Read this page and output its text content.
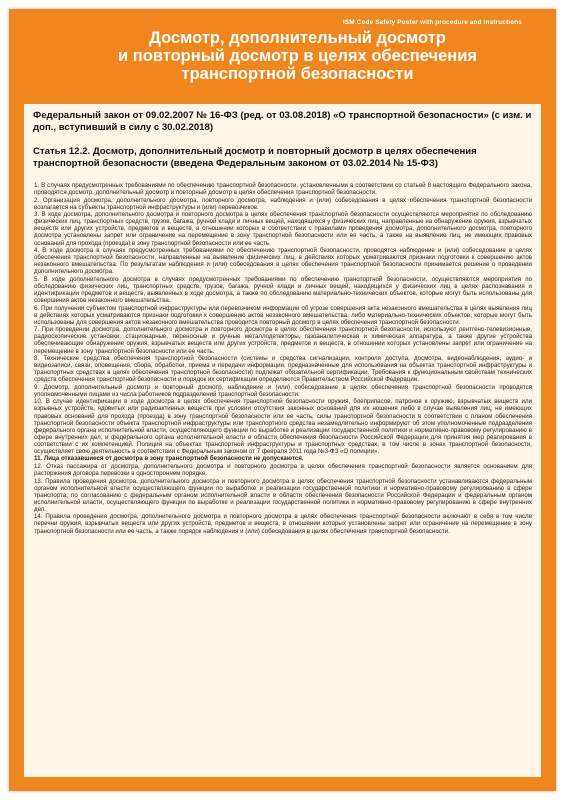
ISM Code Safety Poster with procedure and instructions
Досмотр, дополнительный досмотр
и повторный досмотр в целях обеспечения
транспортной безопасности
Федеральный закон от 09.02.2007 № 16-ФЗ (ред. от 03.08.2018) «О транспортной безопасности» (с изм. и доп., вступивший в силу с 30.02.2018)
Статья 12.2. Досмотр, дополнительный досмотр и повторный досмотр в целях обеспечения транспортной безопасности (введена Федеральным законом от 03.02.2014 № 15-ФЗ)

1. В случаях предусмотренных требованиями по обеспечению транспортной безопасности, установленными в соответствии со статьей 8 настоящего Федерального закона, проводятся досмотр, дополнительный досмотр и повторный досмотр в целях обеспечения транспортной безопасности.

2. Организация досмотра, дополнительного досмотра, повторного досмотра, наблюдения и (или) собеседования в целях обеспечения транспортной безопасности возлагается на субъекты транспортной инфраструктуры и (или) перевозчиков.

3. В ходе досмотра, дополнительного досмотра и повторного досмотра в целях обеспечения транспортной безопасности осуществляются мероприятия по обследованию физических лиц, транспортных средств, грузов, багажа, ручной клади и личных вещей, находящихся у физических лиц, направленные на обнаружение оружия, взрывчатых веществ или других устройств, предметов и веществ, в отношении которых в соответствии с правилами проведения досмотра, дополнительного досмотра, повторного досмотра установлены запрет или ограничение на перемещение в зону транспортной безопасности или ее часть, а также на выявление лиц, не имеющих правовых оснований для прохода (проезда) в зону транспортной безопасности или ее часть.

4. В ходе досмотра в случаях предусмотренных требованиями по обеспечению транспортной безопасности, проводятся наблюдение и (или) собеседование в целях обеспечения транспортной безопасности, направленные на выявление физических лиц, в действиях которых усматриваются признаки подготовки к совершению актов незаконного вмешательства. По результатам наблюдения и (или) собеседования в целях обеспечения транспортной безопасности принимается решение о проведении дополнительного досмотра.

5. В ходе дополнительного досмотра в случаях предусмотренных требованиями по обеспечению транспортной безопасности, осуществляются мероприятия по обследованию физических лиц, транспортных средств, грузов, багажа, ручной клади и личных вещей, находящихся у физических лиц в целях распознавания и идентификации предметов и веществ, выявленных в ходе досмотра, а также по обследованию материально-технических объектов, которые могут быть использованы для совершения актов незаконного вмешательства.

6. При получении субъектом транспортной инфраструктуры или перевозчиком информации об угрозе совершения акта незаконного вмешательства в целях выявления лиц в действиях которых усматриваются признаки подготовки к совершению актов незаконного вмешательства, либо материально-технических объектов, которые могут быть использованы для совершения актов незаконного вмешательства проводится повторный досмотр в целях обеспечения транспортной безопасности.

7. При проведении досмотра, дополнительного досмотра и повторного досмотра в целях обеспечения транспортной безопасности, используют рентгено-телевизионные, радиоскопические установки, стационарные, переносные и ручные металлодетекторы, газоаналитическая и химическая аппаратура, а также другие устройства обеспечивающие обнаружение оружия, взрывчатых веществ или других устройств, предметов и веществ, в отношении которых установлены запрет или ограничение на перемещение в зону транспортной безопасности или ее часть.

8. Технические средства обеспечения транспортной безопасности (системы и средства сигнализации, контроля доступа, досмотра, видеонаблюдения, аудио- и видеозаписи, связи, оповещения, сбора, обработки, приема и передачи информации, предназначенные для использования на объектах транспортной инфраструктуры и транспортных средствах в целях обеспечения транспортной безопасности) подлежат обязательной сертификации. Требования к функциональным свойствам технических средств обеспечения транспортной безопасности и порядок их сертификации определяются Правительством Российской Федерации.

9. Досмотр, дополнительный досмотр и повторный досмотр, наблюдение и (или) собеседование в целях обеспечения транспортной безопасности проводятся уполномоченными лицами из числа работников подразделений транспортной безопасности.

10. В случае идентификации в ходе досмотра в целях обеспечения транспортной безопасности оружия, боеприпасов, патронов к оружию, взрывчатых веществ или взрывных устройств, ядовитых или радиоактивных веществ при условии отсутствия законных оснований для их ношения либо в случае выявления лиц, не имеющих правовых оснований для прохода (проезда) в зону транспортной безопасности или ее часть, силы транспортной безопасности в соответствии с планом обеспечения транспортной безопасности объекта транспортной инфраструктуры или транспортного средства незамедлительно информируют об этом уполномоченные подразделения федерального органа исполнительной власти, осуществляющего функции по выработке и реализации государственной политики и нормативно-правовому регулированию в сфере внутренних дел, и федерального органа исполнительной власти в области обеспечения безопасности Российской Федерации для принятия мер реагирования в соответствии с их компетенцией. Полиция на объектах транспортной инфраструктуры и транспортных средствах, в том числе в зонах транспортной безопасности, осуществляет свою деятельность в соответствии с Федеральным законом от 7 февраля 2011 года №3-ФЗ «О полиции».

11. Лица отказавшиеся от досмотра в зону транспортной безопасности не допускаются.

12. Отказ пассажира от досмотра, дополнительного досмотра и повторного досмотра в целях обеспечения транспортной безопасности является основанием для расторжения договора перевозки в одностороннем порядке.

13. Правила проведения досмотра, дополнительного досмотра и повторного досмотра в целях обеспечения транспортной безопасности устанавливаются федеральным органом исполнительной власти осуществляющего функции по выработке и реализации государственной политики и нормативно-правовому регулированию в сфере транспорта, по согласованию с федеральным органом исполнительной власти в области обеспечения безопасности Российской Федерации и федеральным органом исполнительной власти, осуществляющего функции по выработке и реализации государственной политики и нормативно-правовому регулированию в сфере внутренних дел.

14. Правила проведения досмотра, дополнительного досмотра и повторного досмотра в целях обеспечения транспортной безопасности включают в себя в том числе перечни оружия, взрывчатых веществ или других устройств, предметов и веществ, в отношении которых установлены запрет или ограничение на перемещение в зону транспортной безопасности или ее часть, а также порядок наблюдения и (или) собеседования в целях обеспечения транспортной безопасности.
